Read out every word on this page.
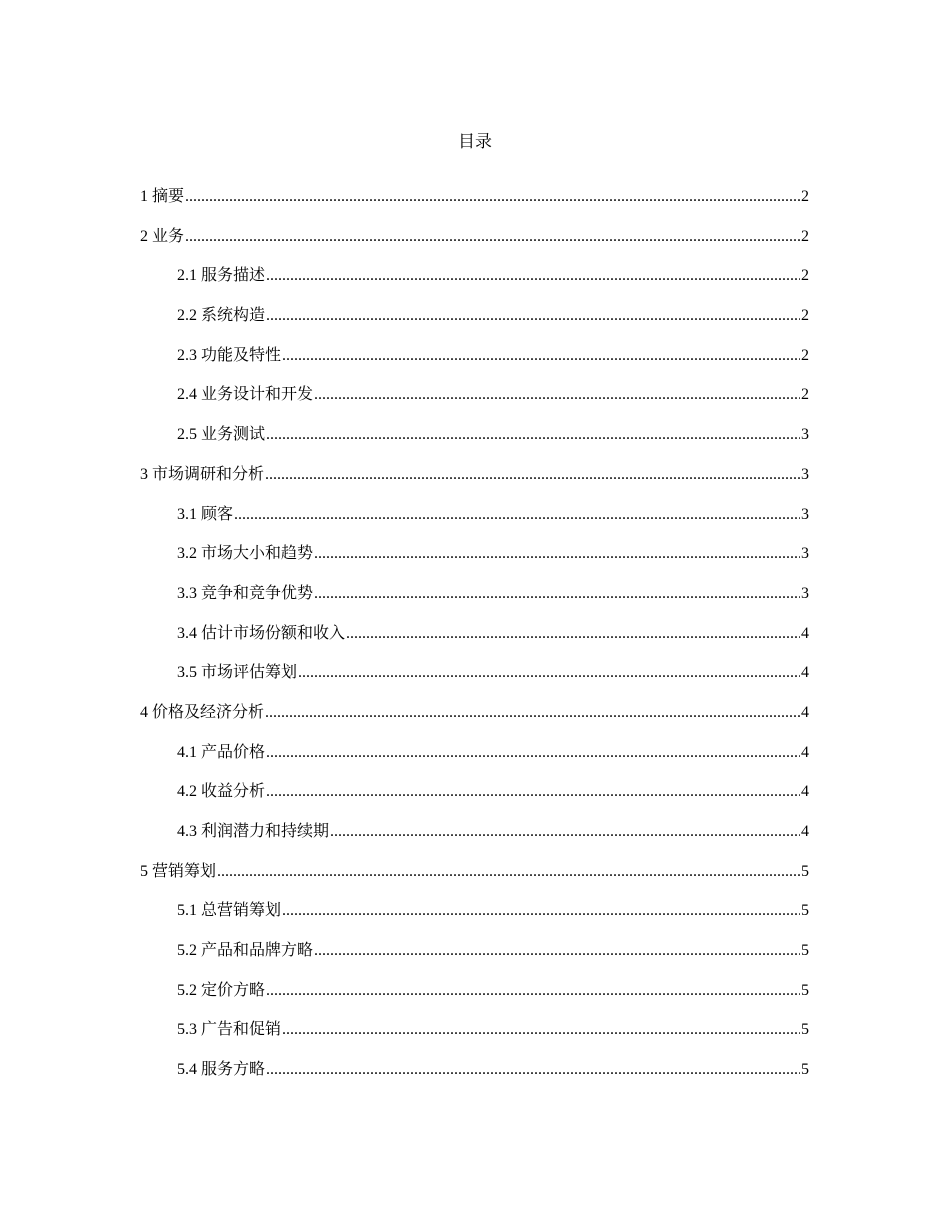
目录
1 摘要 .....	2
2 业务 .....	2
2.1 服务描述 .....	2
2.2 系统构造 .....	2
2.3 功能及特性 .....	2
2.4 业务设计和开发 .....	2
2.5 业务测试 .....	3
3 市场调研和分析 .....	3
3.1 顾客 .....	3
3.2 市场大小和趋势 .....	3
3.3 竞争和竞争优势 .....	3
3.4 估计市场份额和收入 .....	4
3.5 市场评估筹划 .....	4
4 价格及经济分析 .....	4
4.1 产品价格 .....	4
4.2 收益分析 .....	4
4.3 利润潜力和持续期 .....	4
5 营销筹划 .....	5
5.1 总营销筹划 .....	5
5.2 产品和品牌方略 .....	5
5.2 定价方略 .....	5
5.3 广告和促销 .....	5
5.4 服务方略 .....	5
